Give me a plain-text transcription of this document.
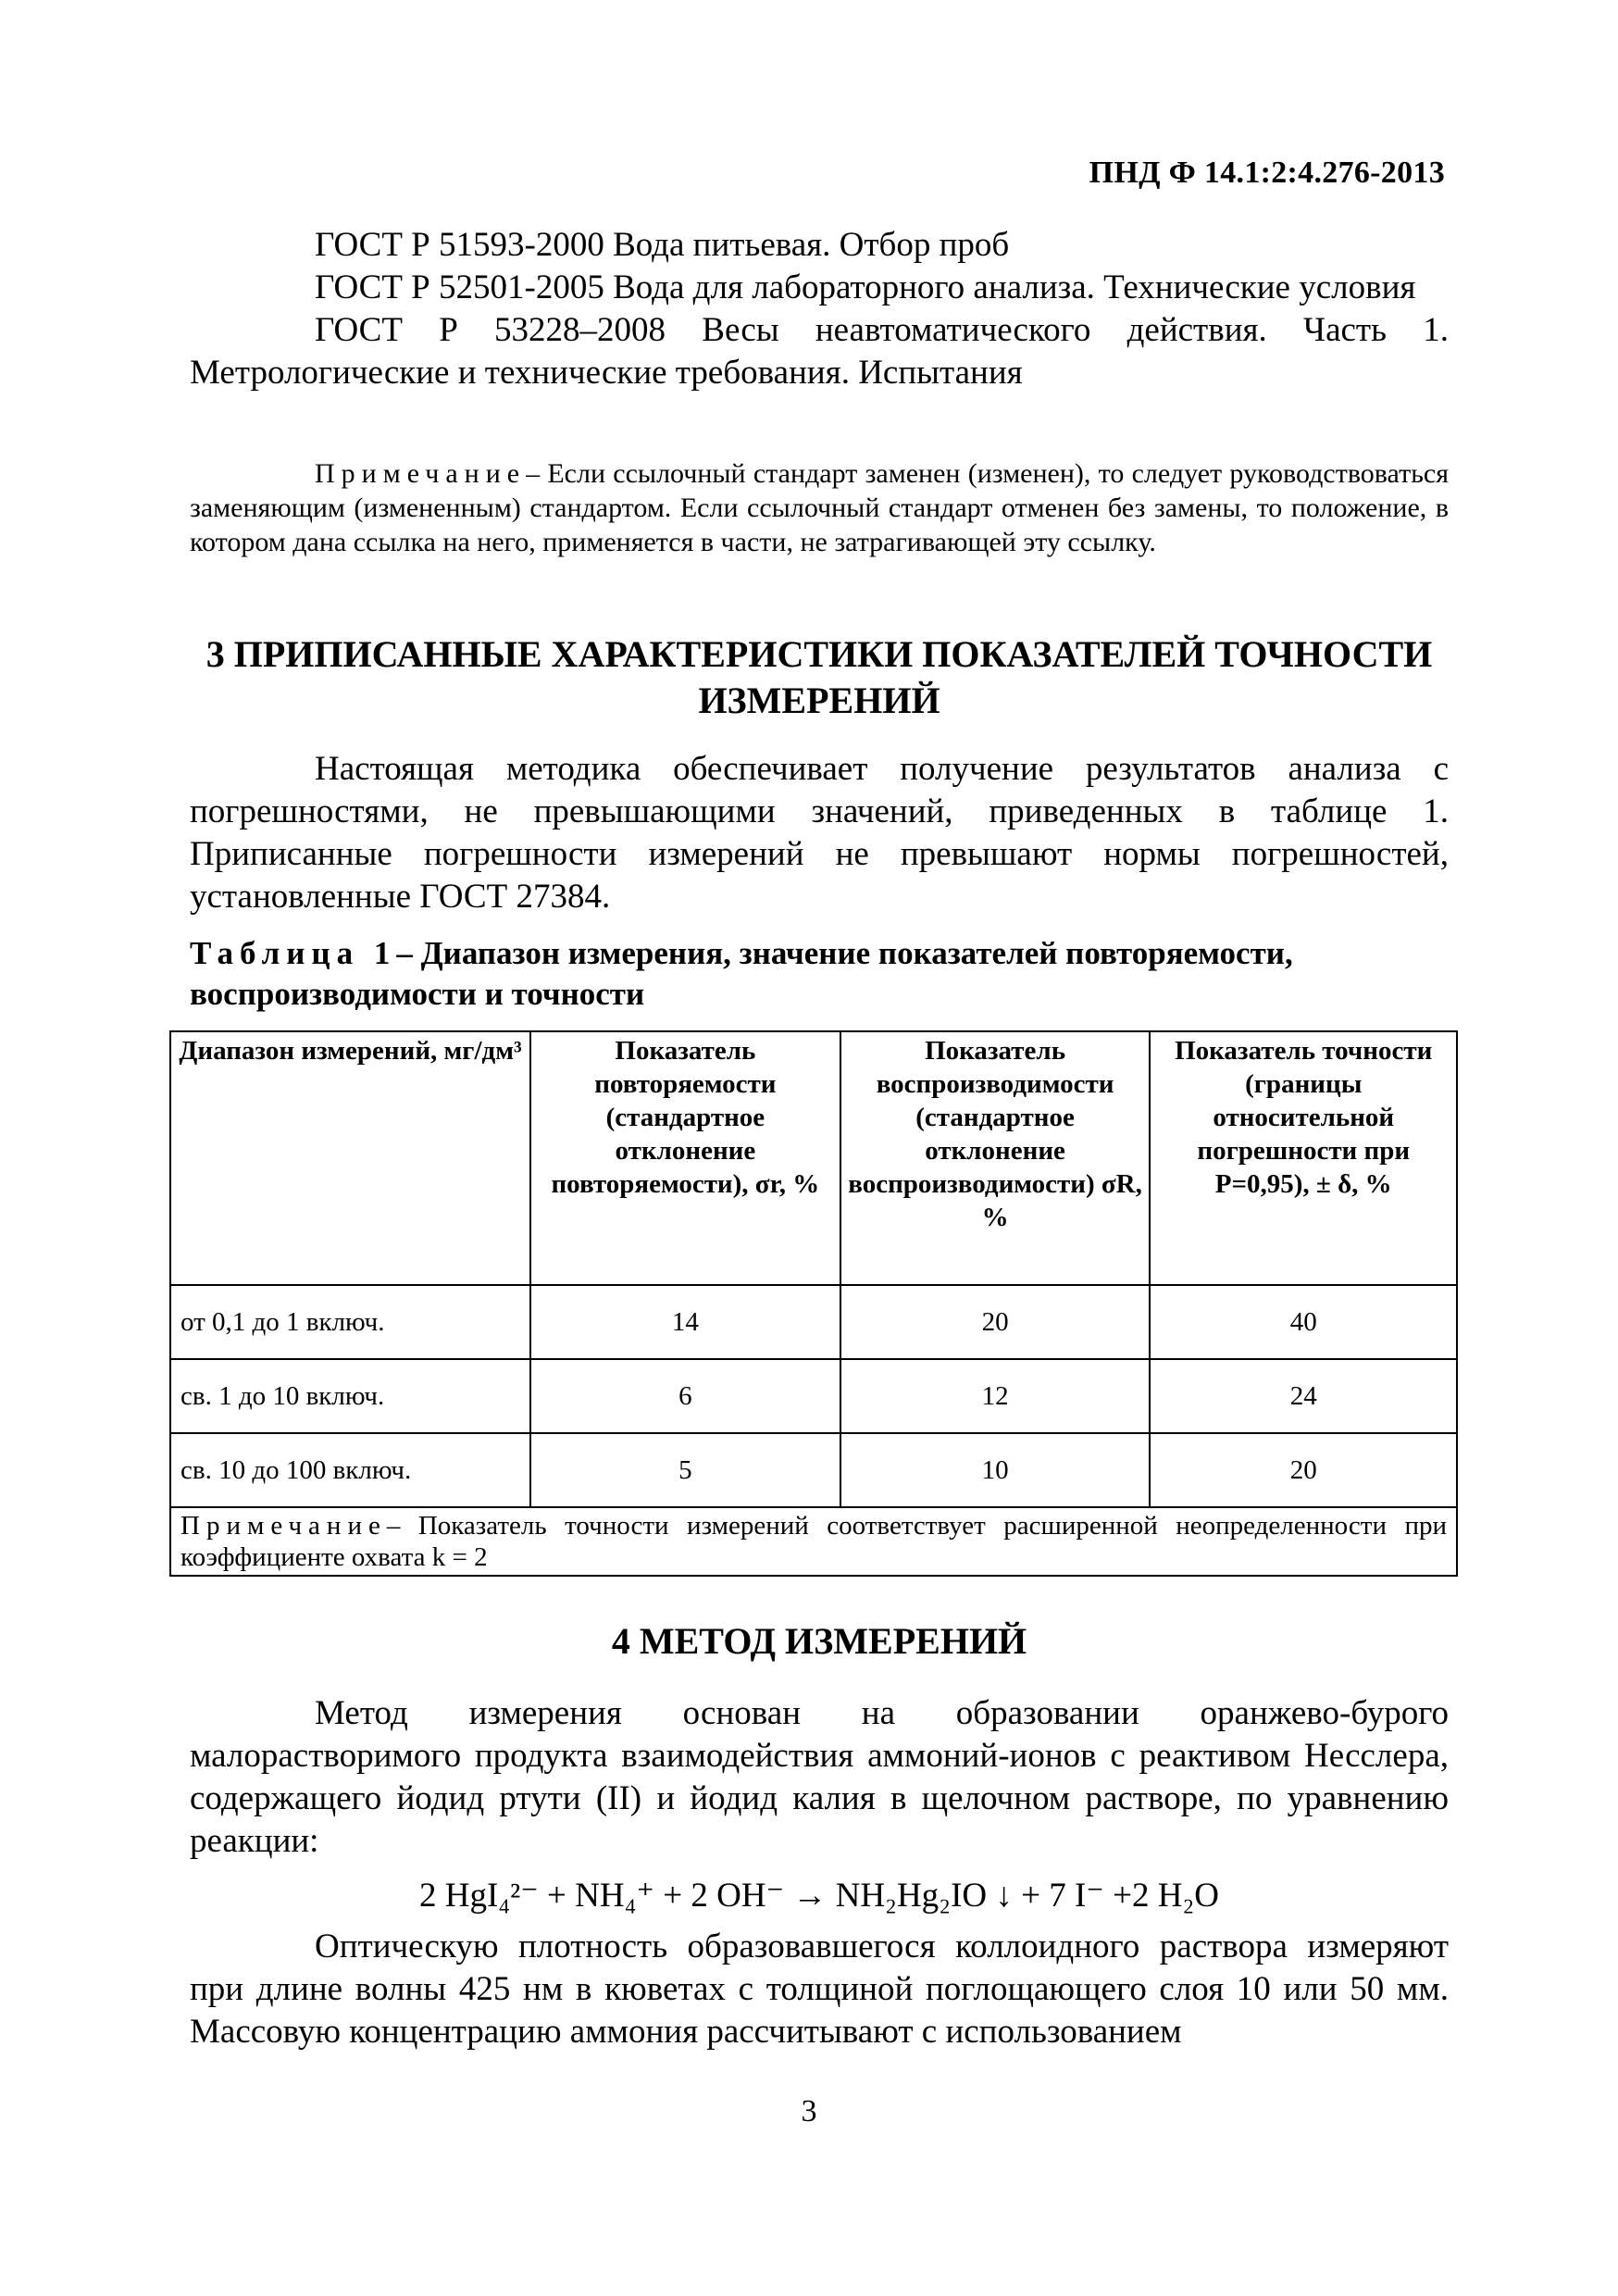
ПНД Ф 14.1:2:4.276-2013

ГОСТ Р 51593-2000 Вода питьевая. Отбор проб

ГОСТ Р 52501-2005 Вода для лабораторного анализа. Технические условия

ГОСТ Р 53228–2008 Весы неавтоматического действия. Часть 1. Метрологические и технические требования. Испытания

Примечание– Если ссылочный стандарт заменен (изменен), то следует руководствоваться заменяющим (измененным) стандартом. Если ссылочный стандарт отменен без замены, то положение, в котором дана ссылка на него, применяется в части, не затрагивающей эту ссылку.

3 ПРИПИСАННЫЕ ХАРАКТЕРИСТИКИ ПОКАЗАТЕЛЕЙ ТОЧНОСТИ ИЗМЕРЕНИЙ

Настоящая методика обеспечивает получение результатов анализа с погрешностями, не превышающими значений, приведенных в таблице 1. Приписанные погрешности измерений не превышают нормы погрешностей, установленные ГОСТ 27384.

Таблица 1– Диапазон измерения, значение показателей повторяемости, воспроизводимости и точности

Диапазон измерений, мг/дм³	Показатель повторяемости (стандартное отклонение повторяемости), σr, %	Показатель воспроизводимости (стандартное отклонение воспроизводимости) σR, %	Показатель точности (границы относительной погрешности при Р=0,95), ± δ, %
от 0,1 до 1 включ.	14	20	40
св. 1 до 10 включ.	6	12	24
св. 10 до 100 включ.	5	10	20
Примечание– Показатель точности измерений соответствует расширенной неопределенности при коэффициенте охвата k = 2			

4 МЕТОД ИЗМЕРЕНИЙ

Метод измерения основан на образовании оранжево-бурого малорастворимого продукта взаимодействия аммоний-ионов с реактивом Несслера, содержащего йодид ртути (II) и йодид калия в щелочном растворе, по уравнению реакции:

2 HgI₄²⁻ + NH₄⁺ + 2 OH⁻ → NH₂Hg₂IO ↓ + 7 I⁻ +2 H₂O

Оптическую плотность образовавшегося коллоидного раствора измеряют при длине волны 425 нм в кюветах с толщиной поглощающего слоя 10 или 50 мм. Массовую концентрацию аммония рассчитывают с использованием

3
